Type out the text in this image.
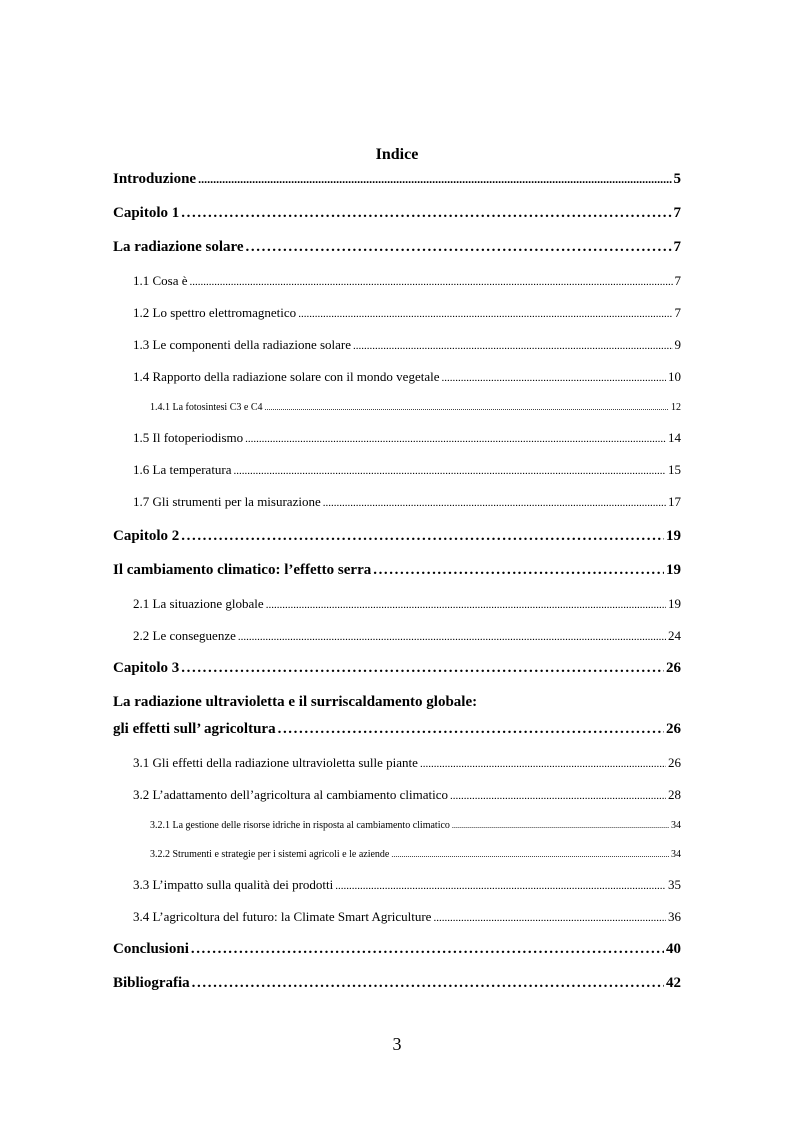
Indice
Introduzione .....	5
Capitolo 1 .....	7
La radiazione solare .....	7
1.1 Cosa è .....	7
1.2 Lo spettro elettromagnetico .....	7
1.3 Le componenti della radiazione solare .....	9
1.4 Rapporto della radiazione solare con il mondo vegetale .....	10
1.4.1 La fotosintesi C3 e C4 .....	12
1.5 Il fotoperiodismo .....	14
1.6 La temperatura .....	15
1.7 Gli strumenti per la misurazione .....	17
Capitolo 2 .....	19
Il cambiamento climatico: l’effetto serra .....	19
2.1 La situazione globale .....	19
2.2 Le conseguenze .....	24
Capitolo 3 .....	26
La radiazione ultravioletta e il surriscaldamento globale:
gli effetti sull’ agricoltura .....	26
3.1 Gli effetti della radiazione ultravioletta sulle piante .....	26
3.2 L’adattamento dell’agricoltura al cambiamento climatico .....	28
3.2.1 La gestione delle risorse idriche in risposta al cambiamento climatico .....	34
3.2.2 Strumenti e strategie per i sistemi agricoli e le aziende .....	34
3.3 L’impatto sulla qualità dei prodotti .....	35
3.4 L’agricoltura del futuro: la Climate Smart Agriculture .....	36
Conclusioni .....	40
Bibliografia .....	42
3
